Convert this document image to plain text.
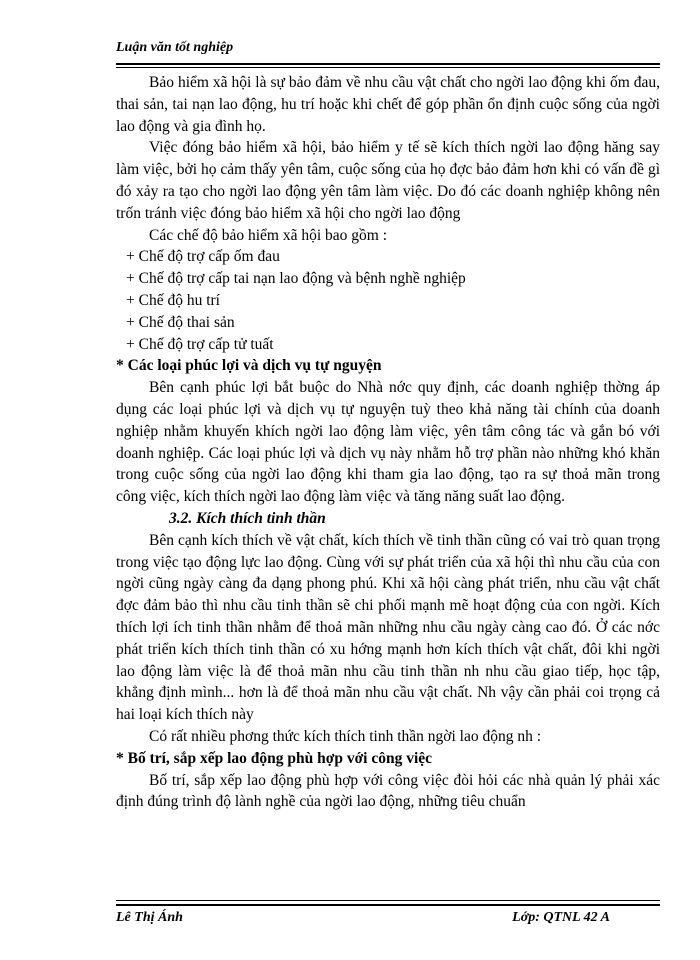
Luận văn tốt nghiệp

Bảo hiểm xã hội là sự bảo đảm về nhu cầu vật chất cho ngời lao động khi ốm đau, thai sản, tai nạn lao động, hu trí hoặc khi chết để góp phần ổn định cuộc sống của ngời lao động và gia đình họ.

Việc đóng bảo hiểm xã hội, bảo hiểm y tế sẽ kích thích ngời lao động hăng say làm việc, bởi họ cảm thấy yên tâm, cuộc sống của họ đợc bảo đảm hơn khi có vấn đề gì đó xảy ra tạo cho ngời lao động yên tâm làm việc. Do đó các doanh nghiệp không nên trốn tránh việc đóng bảo hiểm xã hội cho ngời lao động

Các chế độ bảo hiểm xã hội bao gồm :

+ Chế độ trợ cấp ốm đau

+ Chế độ trợ cấp tai nạn lao động và bệnh nghề nghiệp

+ Chế độ hu trí

+ Chế độ thai sản

+ Chế độ trợ cấp tử tuất

* Các loại phúc lợi và dịch vụ tự nguyện

Bên cạnh phúc lợi bắt buộc do Nhà nớc quy định, các doanh nghiệp thờng áp dụng các loại phúc lợi và dịch vụ tự nguyện tuỳ theo khả năng tài chính của doanh nghiệp nhằm khuyến khích ngời lao động làm việc, yên tâm công tác và gắn bó với doanh nghiệp. Các loại phúc lợi và dịch vụ này nhằm hỗ trợ phần nào những khó khăn trong cuộc sống của ngời lao động khi tham gia lao động, tạo ra sự thoả mãn trong công việc, kích thích ngời lao động làm việc và tăng năng suất lao động.

3.2. Kích thích tinh thần

Bên cạnh kích thích về vật chất, kích thích về tinh thần cũng có vai trò quan trọng trong việc tạo động lực lao động. Cùng với sự phát triển của xã hội thì nhu cầu của con ngời cũng ngày càng đa dạng phong phú. Khi xã hội càng phát triển, nhu cầu vật chất đợc đảm bảo thì nhu cầu tinh thần sẽ chi phối mạnh mẽ hoạt động của con ngời. Kích thích lợi ích tinh thần nhằm để thoả mãn những nhu cầu ngày càng cao đó. Ở các nớc phát triển kích thích tinh thần có xu hớng mạnh hơn kích thích vật chất, đôi khi ngời lao động làm việc là để thoả mãn nhu cầu tinh thần nh nhu cầu giao tiếp, học tập, khẳng định mình... hơn là để thoả mãn nhu cầu vật chất. Nh vậy cần phải coi trọng cả hai loại kích thích này

Có rất nhiều phơng thức kích thích tinh thần ngời lao động nh :

* Bố trí, sắp xếp lao động phù hợp với công việc

Bố trí, sắp xếp lao động phù hợp với công việc đòi hỏi các nhà quản lý phải xác định đúng trình độ lành nghề của ngời lao động, những tiêu chuẩn

Lê Thị Ánh	Lớp: QTNL 42 A
